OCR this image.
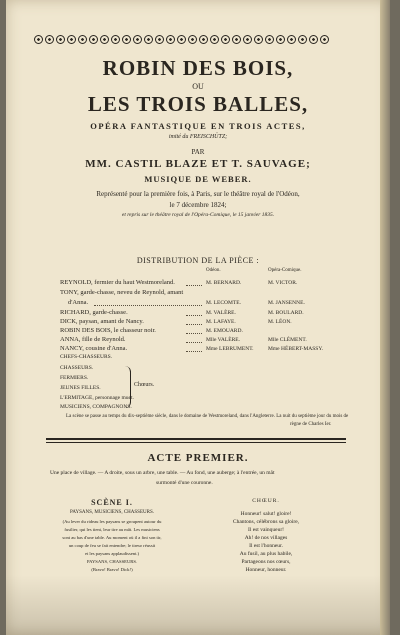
ROBIN DES BOIS,
OU
LES TROIS BALLES,
OPÉRA FANTASTIQUE EN TROIS ACTES,
imité du FREISCHÜTZ;
PAR
MM. CASTIL BLAZE ET T. SAUVAGE;
MUSIQUE DE WEBER.
Représenté pour la première fois, à Paris, sur le théâtre royal de l'Odéon,
le 7 décembre 1824;
et repris sur le théâtre royal de l'Opéra-Comique, le 15 janvier 1835.
DISTRIBUTION DE LA PIÈCE :
Odéon.	Opéra-Comique.
REYNOLD, fermier du haut Westmoreland.	M. BERNARD.	M. VICTOR.
TONY, garde-chasse, neveu de Reynold, amant
d'Anna.	M. LECOMTE.	M. JANSENNE.
RICHARD, garde-chasse.	M. VALÈRE.	M. BOULARD.
DICK, paysan, amant de Nancy.	M. LAFAYE.	M. LÉON.
ROBIN DES BOIS, le chasseur noir.	M. EMOUARD.
ANNA, fille de Reynold.	Mlle VALÈRE.	Mlle CLÉMENT.
NANCY, cousine d'Anna.	Mme LEBRUMENT.	Mme HÉBERT-MASSY.
CHEFS-CHASSEURS.
CHASSEURS.
FERMIERS.
JEUNES FILLES.
L'ERMITAGE, personnage muet.
MUSICIENS, COMPAGNONS.
Chœurs.
La scène se passe au temps du dix-septième siècle, dans le domaine de Westmoreland, dans l'Angleterre. La nuit du septième jour du mois de
règne de Charles Ier.
ACTE PREMIER.
Une place de village. — A droite, sous un arbre, une table. — Au fond, une auberge; à l'entrée, un mât
surmonté d'une couronne.
SCÈNE I.
PAYSANS, MUSICIENS, CHASSEURS.
(Au lever du rideau les paysans se groupent autour du
fusilier, qui les tient, leur tire au mât. Les musiciens
sont au bas d'une table. Au moment où il a fini son tir,
un coup de feu se fait entendre; le tireur réussit
et les paysans applaudissent.)
PAYSANS, CHASSEURS.
(Bravo! Bravo! Dick!)
CHŒUR.
Honneur! salut! gloire!
Chantons, célébrons sa gloire,
Il est vainqueur!
Ah! de nos villages
Il est l'honneur.
Au fusil, au plus habile,
Partageons nos cœurs,
Honneur, honneur.
